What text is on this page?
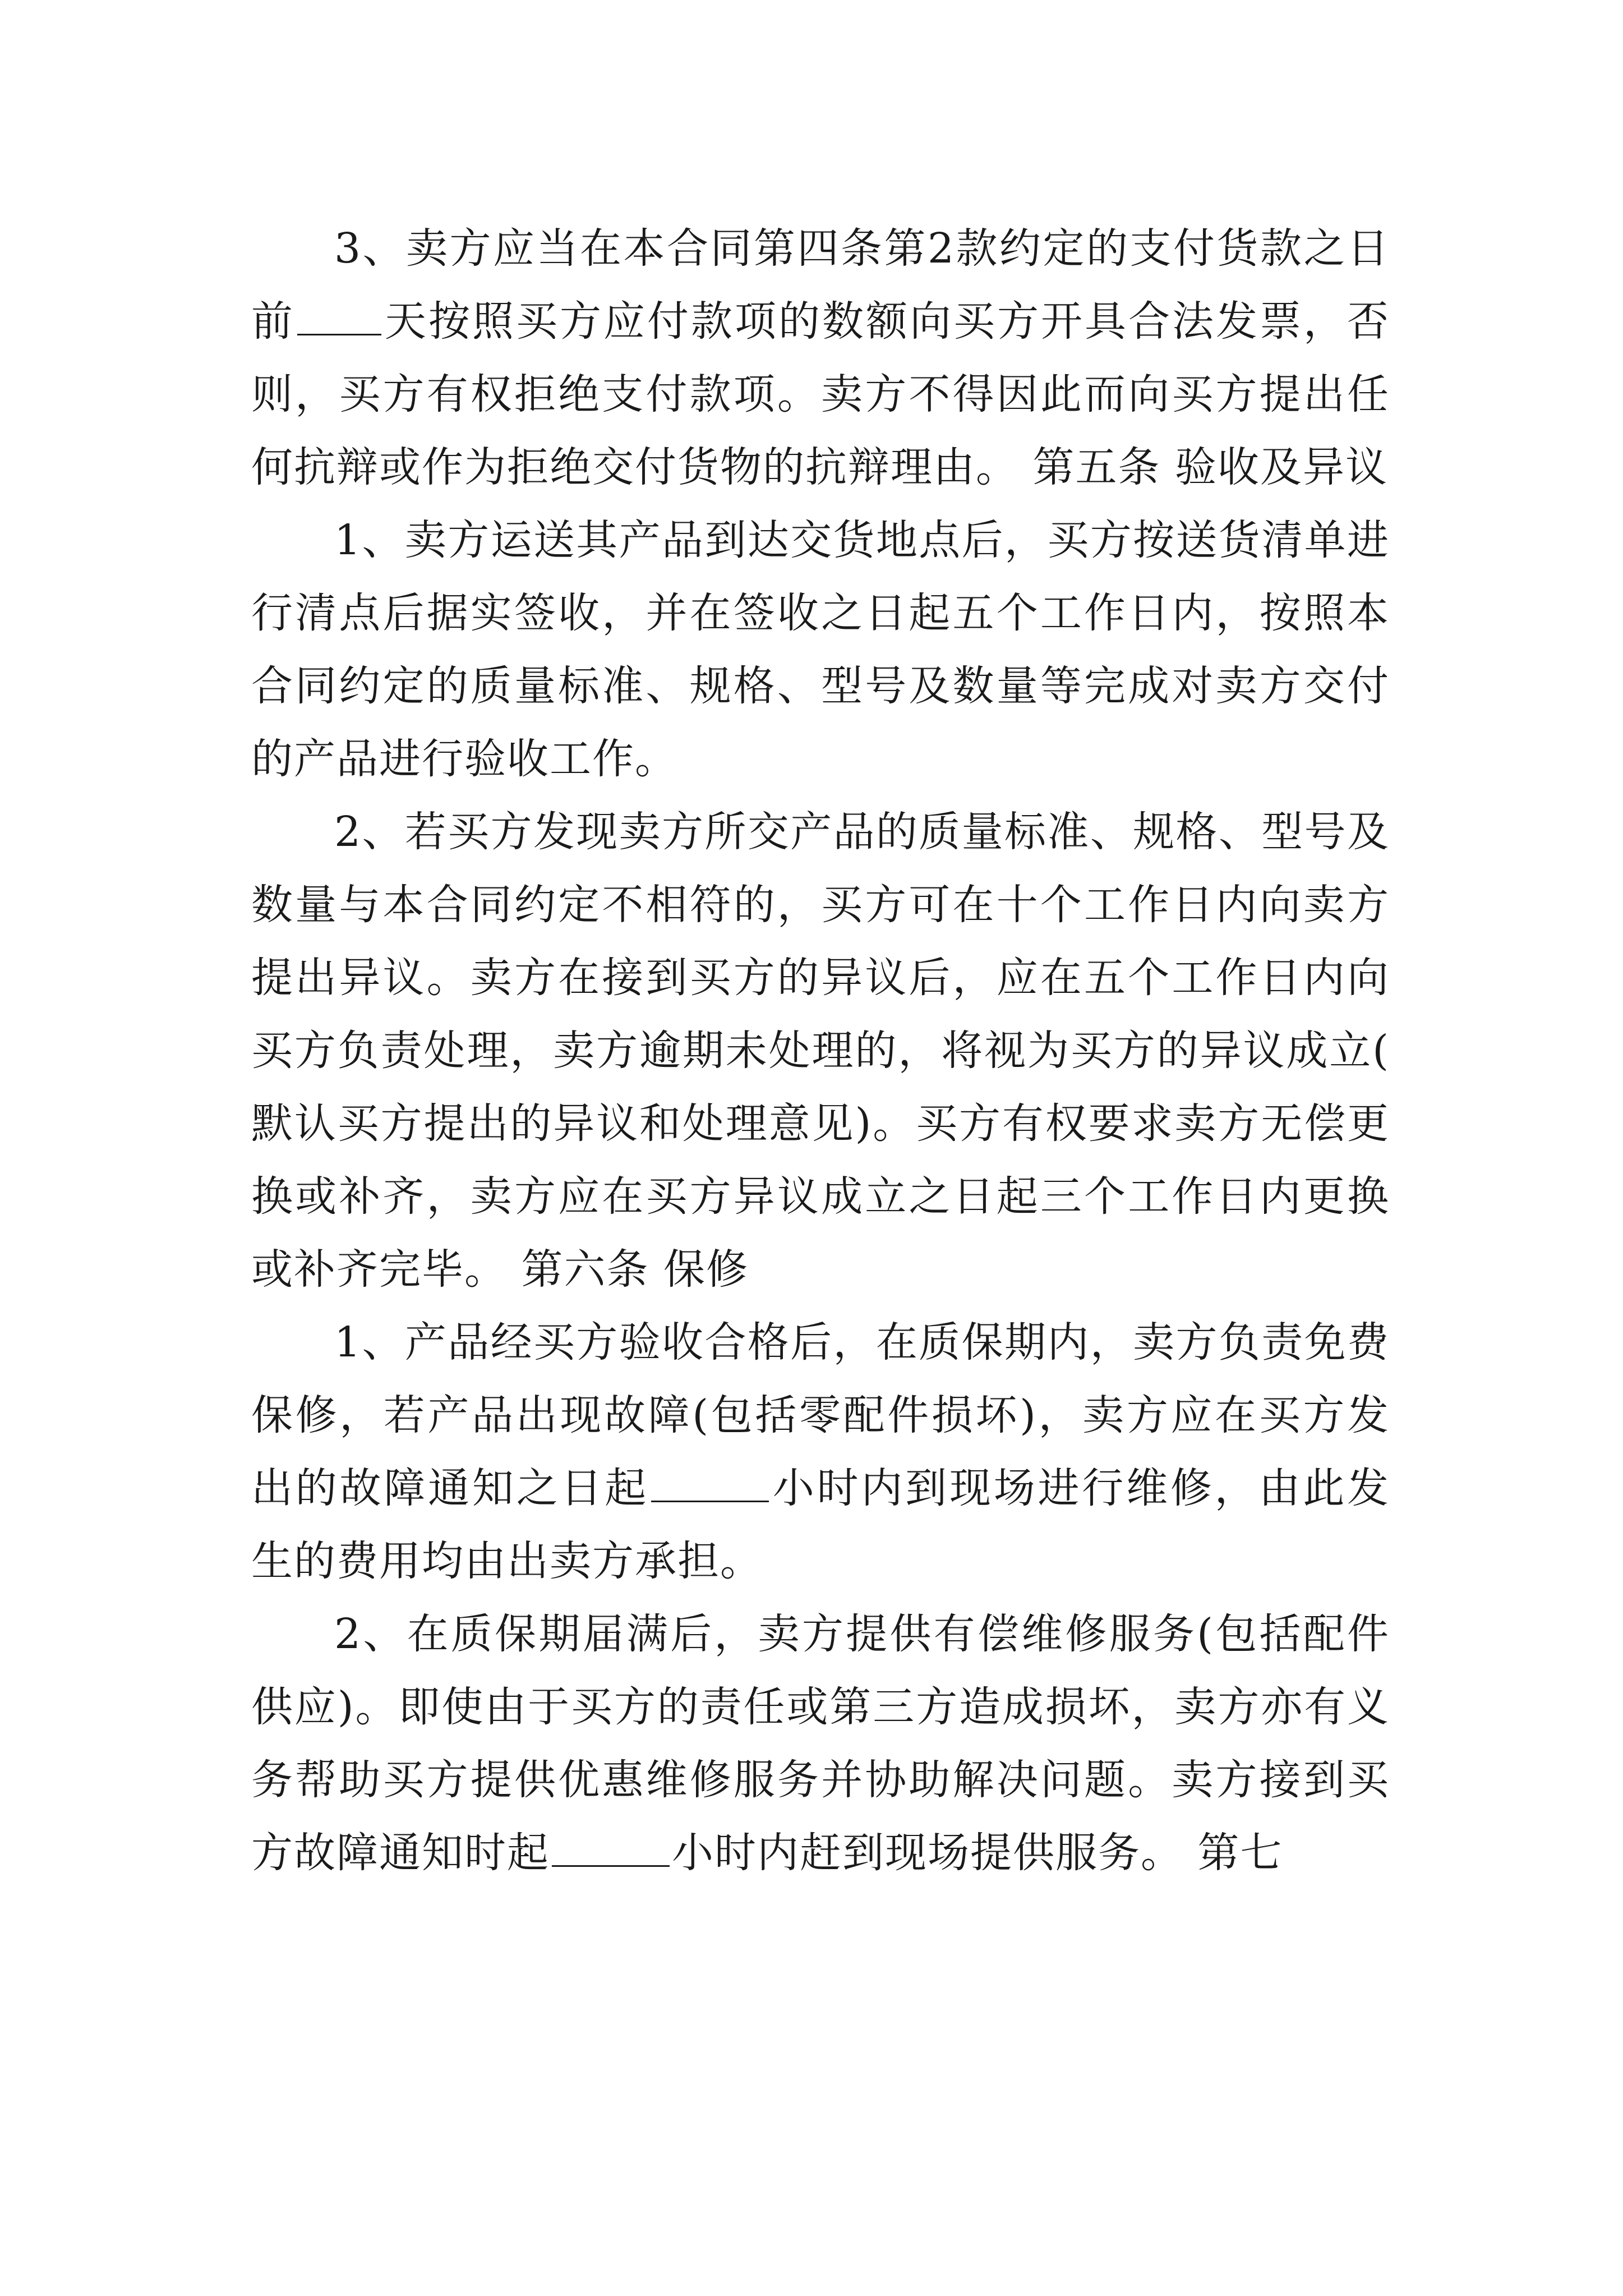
3、卖方应当在本合同第四条第2款约定的支付货款之日前 天按照买方应付款项的数额向买方开具合法发票，否则，买方有权拒绝支付款项。卖方不得因此而向买方提出任何抗辩或作为拒绝交付货物的抗辩理由。 第五条 验收及异议

1、卖方运送其产品到达交货地点后，买方按送货清单进行清点后据实签收，并在签收之日起五个工作日内，按照本合同约定的质量标准、规格、型号及数量等完成对卖方交付的产品进行验收工作。

2、若买方发现卖方所交产品的质量标准、规格、型号及数量与本合同约定不相符的，买方可在十个工作日内向卖方提出异议。卖方在接到买方的异议后，应在五个工作日内向买方负责处理，卖方逾期未处理的，将视为买方的异议成立(默认买方提出的异议和处理意见)。买方有权要求卖方无偿更换或补齐，卖方应在买方异议成立之日起三个工作日内更换或补齐完毕。 第六条 保修

1、产品经买方验收合格后，在质保期内，卖方负责免费保修，若产品出现故障(包括零配件损坏)，卖方应在买方发出的故障通知之日起	小时内到现场进行维修，由此发生的费用均由出卖方承担。

2、在质保期届满后，卖方提供有偿维修服务(包括配件供应)。即使由于买方的责任或第三方造成损坏，卖方亦有义务帮助买方提供优惠维修服务并协助解决问题。卖方接到买方故障通知时起	小时内赶到现场提供服务。 第七
